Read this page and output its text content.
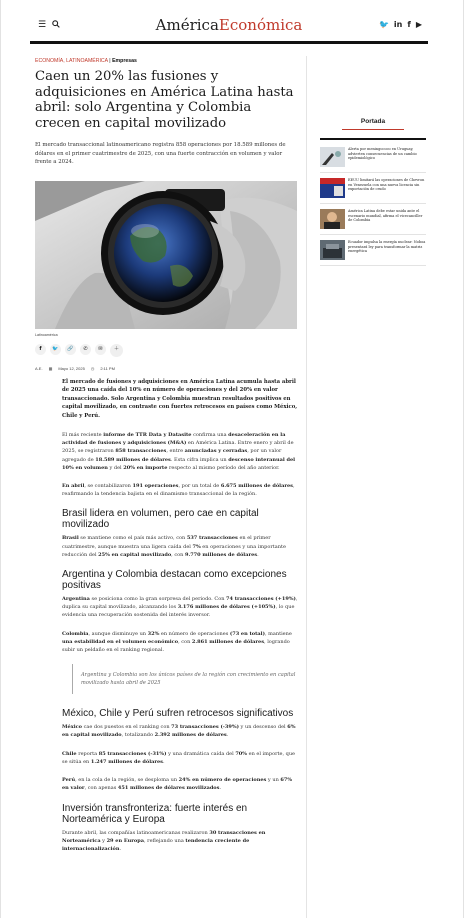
☰	AméricaEconómica	🐦 in f ▶
ECONOMÍA, LATINOAMÉRICA | Empresas
Caen un 20% las fusiones y adquisiciones en América Latina hasta abril: solo Argentina y Colombia crecen en capital movilizado
El mercado transaccional latinoamericano registra 858 operaciones por 18.589 millones de dólares en el primer cuatrimestre de 2025, con una fuerte contracción en volumen y valor frente a 2024.
Latinoamérica
f	🐦	🔗	✆	✉	＋
A.E. ▦ Mayo 12, 2025 ◷ 2:11 PM

El mercado de fusiones y adquisiciones en América Latina acumula hasta abril de 2025 una caída del 10% en número de operaciones y del 20% en valor transaccionado. Solo Argentina y Colombia muestran resultados positivos en capital movilizado, en contraste con fuertes retrocesos en países como México, Chile y Perú.

El más reciente informe de TTR Data y Datasite confirma una desaceleración en la actividad de fusiones y adquisiciones (M&A) en América Latina. Entre enero y abril de 2025, se registraron 858 transacciones, entre anunciadas y cerradas, por un valor agregado de 18.589 millones de dólares. Esta cifra implica un descenso interanual del 10% en volumen y del 20% en importe respecto al mismo período del año anterior.

En abril, se contabilizaron 191 operaciones, por un total de 6.675 millones de dólares, reafirmando la tendencia bajista en el dinamismo transaccional de la región.

Brasil lidera en volumen, pero cae en capital movilizado

Brasil se mantiene como el país más activo, con 537 transacciones en el primer cuatrimestre, aunque muestra una ligera caída del 7% en operaciones y una importante reducción del 25% en capital movilizado, con 9.770 millones de dólares.

Argentina y Colombia destacan como excepciones positivas

Argentina se posiciona como la gran sorpresa del periodo. Con 74 transacciones (+19%), duplica su capital movilizado, alcanzando los 3.176 millones de dólares (+105%), lo que evidencia una recuperación sostenida del interés inversor.

Colombia, aunque disminuye un 32% en número de operaciones (73 en total), mantiene una estabilidad en el volumen económico, con 2.861 millones de dólares, logrando subir un peldaño en el ranking regional.

Argentina y Colombia son los únicos países de la región con crecimiento en capital movilizado hasta abril de 2025
México, Chile y Perú sufren retrocesos significativos

México cae dos puestos en el ranking con 73 transacciones (-39%) y un descenso del 6% en capital movilizado, totalizando 2.392 millones de dólares.

Chile reporta 85 transacciones (-31%) y una dramática caída del 70% en el importe, que se sitúa en 1.247 millones de dólares.

Perú, en la cola de la región, se desploma un 24% en número de operaciones y un 67% en valor, con apenas 451 millones de dólares movilizados.

Inversión transfronteriza: fuerte interés en Norteamérica y Europa

Durante abril, las compañías latinoamericanas realizaron 30 transacciones en Norteamérica y 29 en Europa, reflejando una tendencia creciente de internacionalización.

Portada
Alerta por meningococo en Uruguay, advierten consecuencias de un cambio epidemiológico
EEUU limitará las operaciones de Chevron en Venezuela con una nueva licencia sin exportación de crudo
América Latina debe estar unida ante el escenario mundial, afirma el vicecanciller de Colombia
Ecuador impulsa la energía nuclear: Noboa presentará ley para transformar la matriz energética
